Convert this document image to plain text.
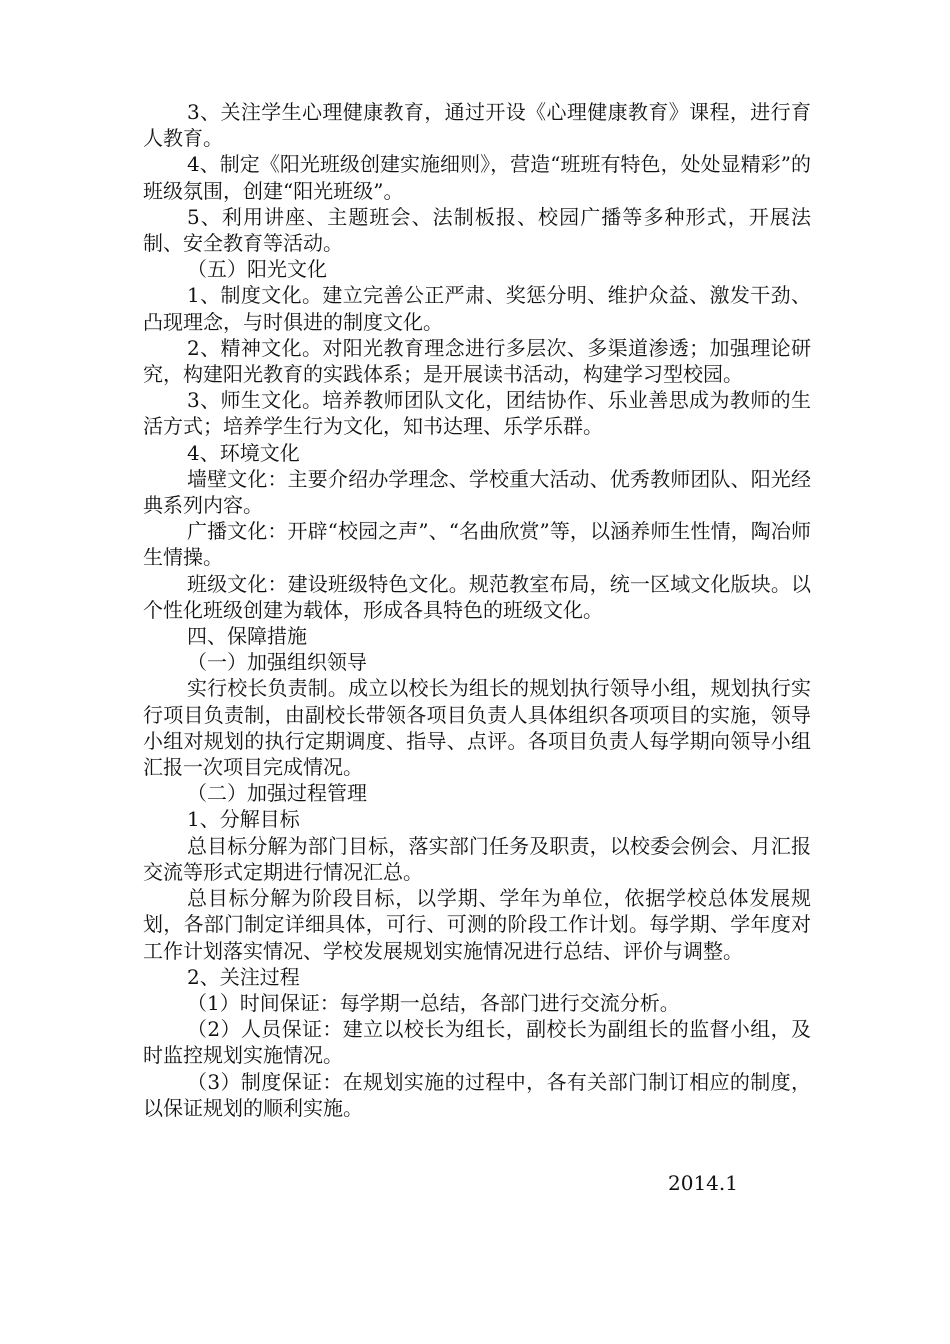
3、关注学生心理健康教育，通过开设《心理健康教育》课程，进行育人教育。

4、制定《阳光班级创建实施细则》，营造“班班有特色，处处显精彩”的班级氛围，创建“阳光班级”。

5、利用讲座、主题班会、法制板报、校园广播等多种形式，开展法制、安全教育等活动。

（五）阳光文化

1、制度文化。建立完善公正严肃、奖惩分明、维护众益、激发干劲、凸现理念，与时俱进的制度文化。

2、精神文化。对阳光教育理念进行多层次、多渠道渗透；加强理论研究，构建阳光教育的实践体系；是开展读书活动，构建学习型校园。

3、师生文化。培养教师团队文化，团结协作、乐业善思成为教师的生活方式；培养学生行为文化，知书达理、乐学乐群。

4、环境文化

墙壁文化：主要介绍办学理念、学校重大活动、优秀教师团队、阳光经典系列内容。

广播文化：开辟“校园之声”、“名曲欣赏”等，以涵养师生性情，陶冶师生情操。

班级文化：建设班级特色文化。规范教室布局，统一区域文化版块。以个性化班级创建为载体，形成各具特色的班级文化。

四、保障措施

（一）加强组织领导

实行校长负责制。成立以校长为组长的规划执行领导小组，规划执行实行项目负责制，由副校长带领各项目负责人具体组织各项项目的实施，领导小组对规划的执行定期调度、指导、点评。各项目负责人每学期向领导小组汇报一次项目完成情况。

（二）加强过程管理

1、分解目标

总目标分解为部门目标，落实部门任务及职责，以校委会例会、月汇报交流等形式定期进行情况汇总。

总目标分解为阶段目标，以学期、学年为单位，依据学校总体发展规划，各部门制定详细具体，可行、可测的阶段工作计划。每学期、学年度对工作计划落实情况、学校发展规划实施情况进行总结、评价与调整。

2、关注过程

（1）时间保证：每学期一总结，各部门进行交流分析。

（2）人员保证：建立以校长为组长，副校长为副组长的监督小组，及时监控规划实施情况。

（3）制度保证：在规划实施的过程中，各有关部门制订相应的制度，以保证规划的顺利实施。

2014.1
